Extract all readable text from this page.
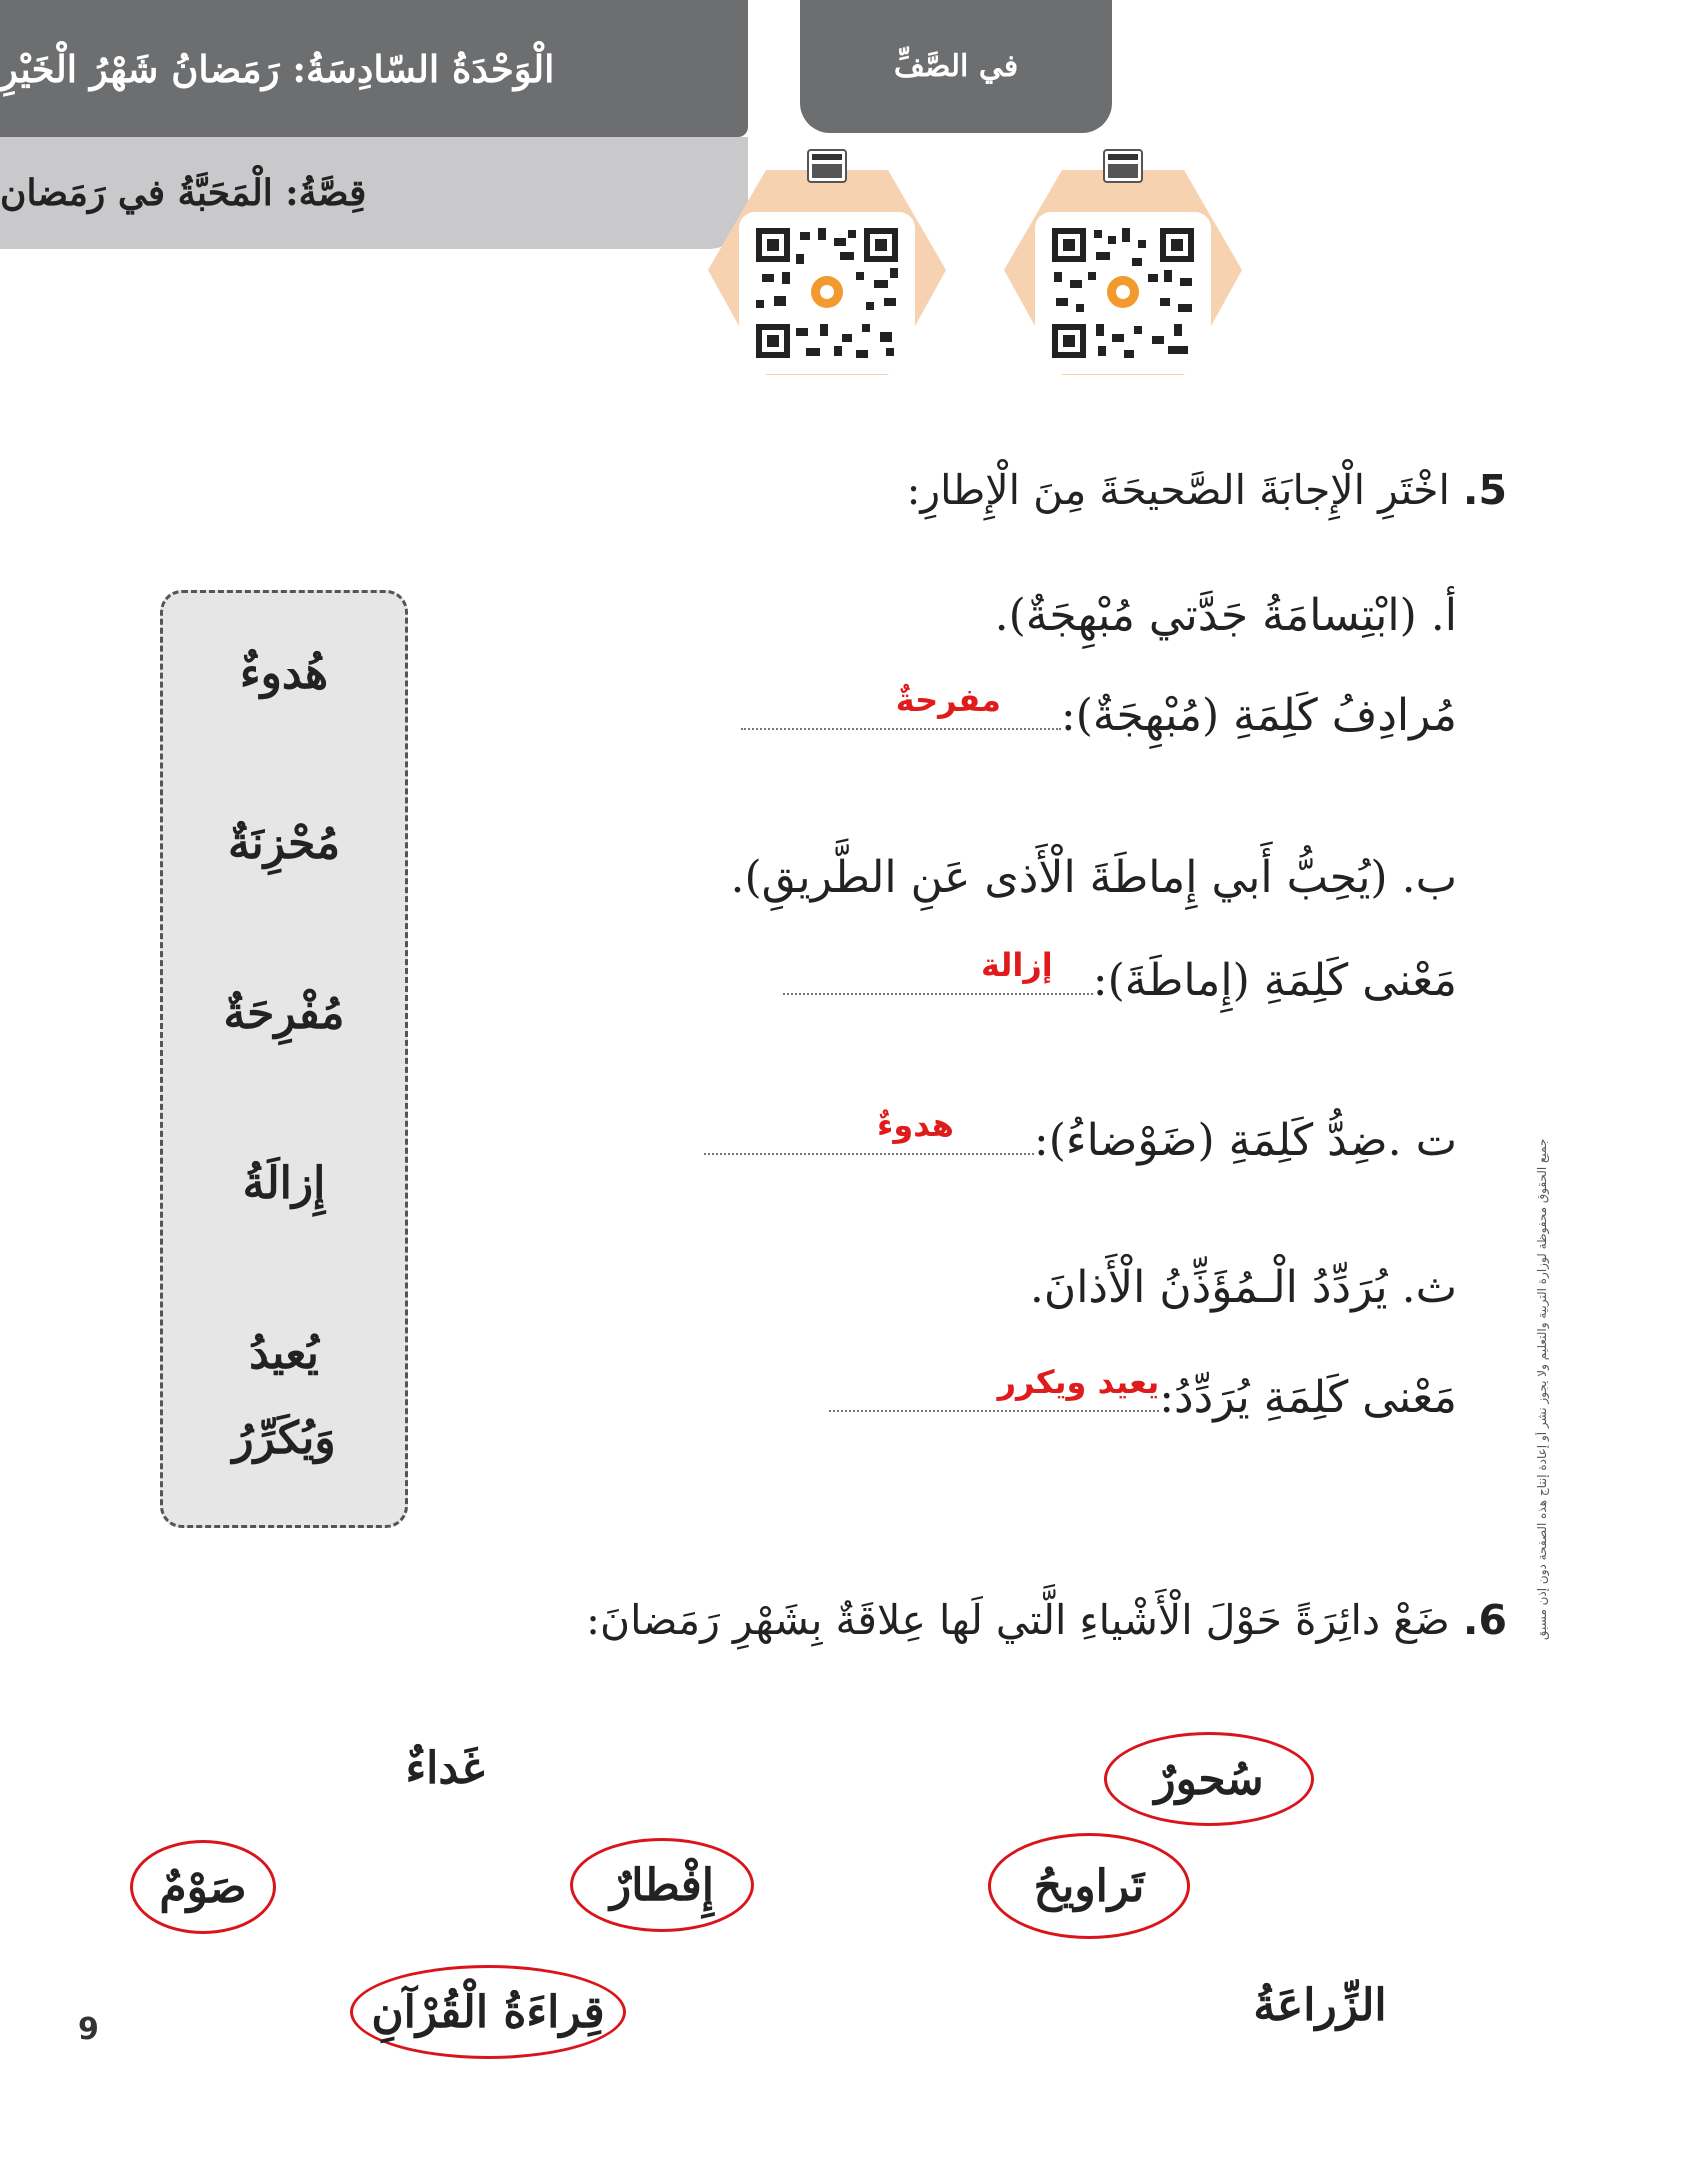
الْوَحْدَةُ السّادِسَةُ: رَمَضانُ شَهْرُ الْخَيْرِ
قِصَّةُ: الْمَحَبَّةُ في رَمَضان
في الصَّفِّ
جميع الحقوق محفوظة لوزارة التربية والتعليم ولا يجوز نشر أو إعادة إنتاج هذه الصفحة دون إذن مسبق
5. اخْتَرِ الْإِجابَةَ الصَّحيحَةَ مِنَ الْإِطارِ:
أ. (ابْتِسامَةُ جَدَّتي مُبْهِجَةٌ).
مُرادِفُ كَلِمَةِ (مُبْهِجَةٌ):
مفرحةٌ
ب. (يُحِبُّ أَبي إِماطَةَ الْأَذى عَنِ الطَّريقِ).
مَعْنى كَلِمَةِ (إِماطَةَ):
إزالة
ت .ضِدُّ كَلِمَةِ (ضَوْضاءُ):
هدوءٌ
ث. يُرَدِّدُ الْـمُؤَذِّنُ الْأَذانَ.
مَعْنى كَلِمَةِ يُرَدِّدُ:
يعيد ويكرر
هُدوءٌ
مُحْزِنَةٌ
مُفْرِحَةٌ
إِزالَةُ
يُعيدُ
وَيُكَرِّرُ
6. ضَعْ دائِرَةً حَوْلَ الْأَشْياءِ الَّتي لَها عِلاقَةٌ بِشَهْرِ رَمَضانَ:
سُحورٌ
غَداءٌ
تَراويحُ
إِفْطارٌ
صَوْمٌ
الزِّراعَةُ
قِراءَةُ الْقُرْآنِ
9
